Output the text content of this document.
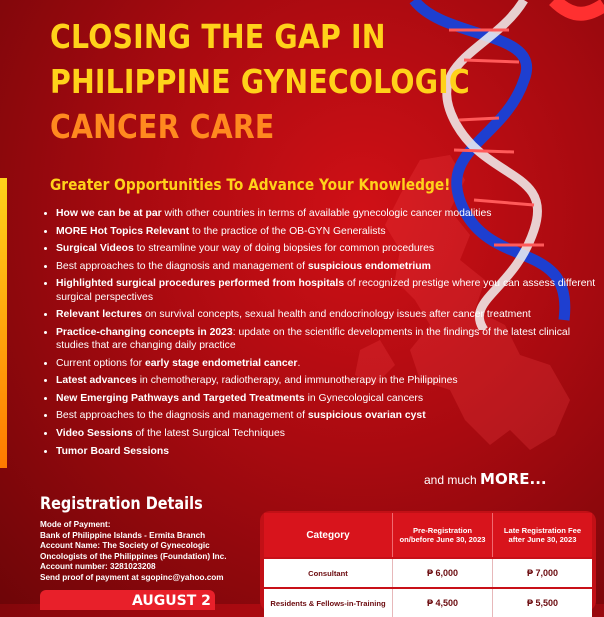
CLOSING THE GAP IN
PHILIPPINE GYNECOLOGIC
CANCER CARE
Greater Opportunities To Advance Your Knowledge!
• How we can be at par with other countries in terms of available gynecologic cancer modalities
• MORE Hot Topics Relevant to the practice of the OB-GYN Generalists
• Surgical Videos to streamline your way of doing biopsies for common procedures
• Best approaches to the diagnosis and management of suspicious endometrium
• Highlighted surgical procedures performed from hospitals of recognized prestige where you can assess different surgical perspectives
• Relevant lectures on survival concepts, sexual health and endocrinology issues after cancer treatment
• Practice-changing concepts in 2023: update on the scientific developments in the findings of the latest clinical studies that are changing daily practice
• Current options for early stage endometrial cancer.
• Latest advances in chemotherapy, radiotherapy, and immunotherapy in the Philippines
• New Emerging Pathways and Targeted Treatments in Gynecological cancers
• Best approaches to the diagnosis and management of suspicious ovarian cyst
• Video Sessions of the latest Surgical Techniques
• Tumor Board Sessions
and much MORE...
Registration Details
Mode of Payment:
Bank of Philippine Islands - Ermita Branch
Account Name: The Society of Gynecologic
Oncologists of the Philippines (Foundation) Inc.
Account number: 3281023208
Send proof of payment at sgopinc@yahoo.com
AUGUST 2
Category	Pre-Registration on/before June 30, 2023	Late Registration Fee after June 30, 2023
Consultant	₱ 6,000	₱ 7,000
Residents & Fellows-in-Training	₱ 4,500	₱ 5,500
